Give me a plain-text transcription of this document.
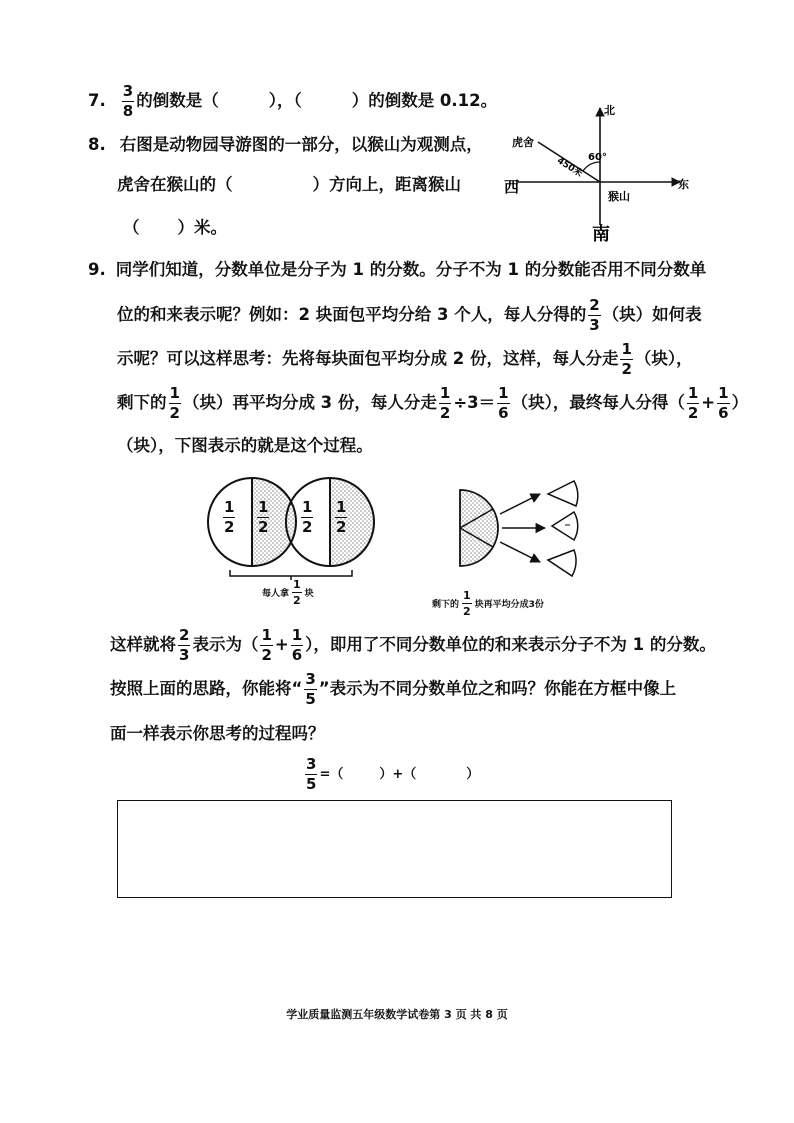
7. $\frac{3}{8}$ 的倒数是（	），（	）的倒数是 0.12。
8. 右图是动物园导游图的一部分，以猴山为观测点，
虎舍在猴山的（	）方向上，距离猴山
（ ）米。
60°
450米
北
东
西
南
虎舍
猴山
9. 同学们知道，分数单位是分子为 1 的分数。分子不为 1 的分数能否用不同分数单
位的和来表示呢？例如：2 块面包平均分给 3 个人，每人分得的 $\frac{2}{3}$ （块）如何表
示呢？可以这样思考：先将每块面包平均分成 2 份，这样，每人分走 $\frac{1}{2}$ （块），
剩下的 $\frac{1}{2}$ （块）再平均分成 3 份，每人分走 $\frac{1}{2} \div 3= \frac{1}{6}$ （块），最终每人分得（ $\frac{1}{2} + \frac{1}{6}$ ）
（块），下图表示的就是这个过程。
1
2
1
2
1
2
1
2
每人拿 $\frac{1}{2}$ 块
剩下的 $\frac{1}{2}$ 块再平均分成3份
这样就将 $\frac{2}{3}$ 表示为（ $\frac{1}{2} + \frac{1}{6}$ ），即用了不同分数单位的和来表示分子不为 1 的分数。
按照上面的思路，你能将“ $\frac{3}{5}$ ”表示为不同分数单位之和吗？你能在方框中像上
面一样表示你思考的过程吗？
$\frac{3}{5}$ =（	）+（	）
学业质量监测五年级数学试卷第 3 页 共 8 页
